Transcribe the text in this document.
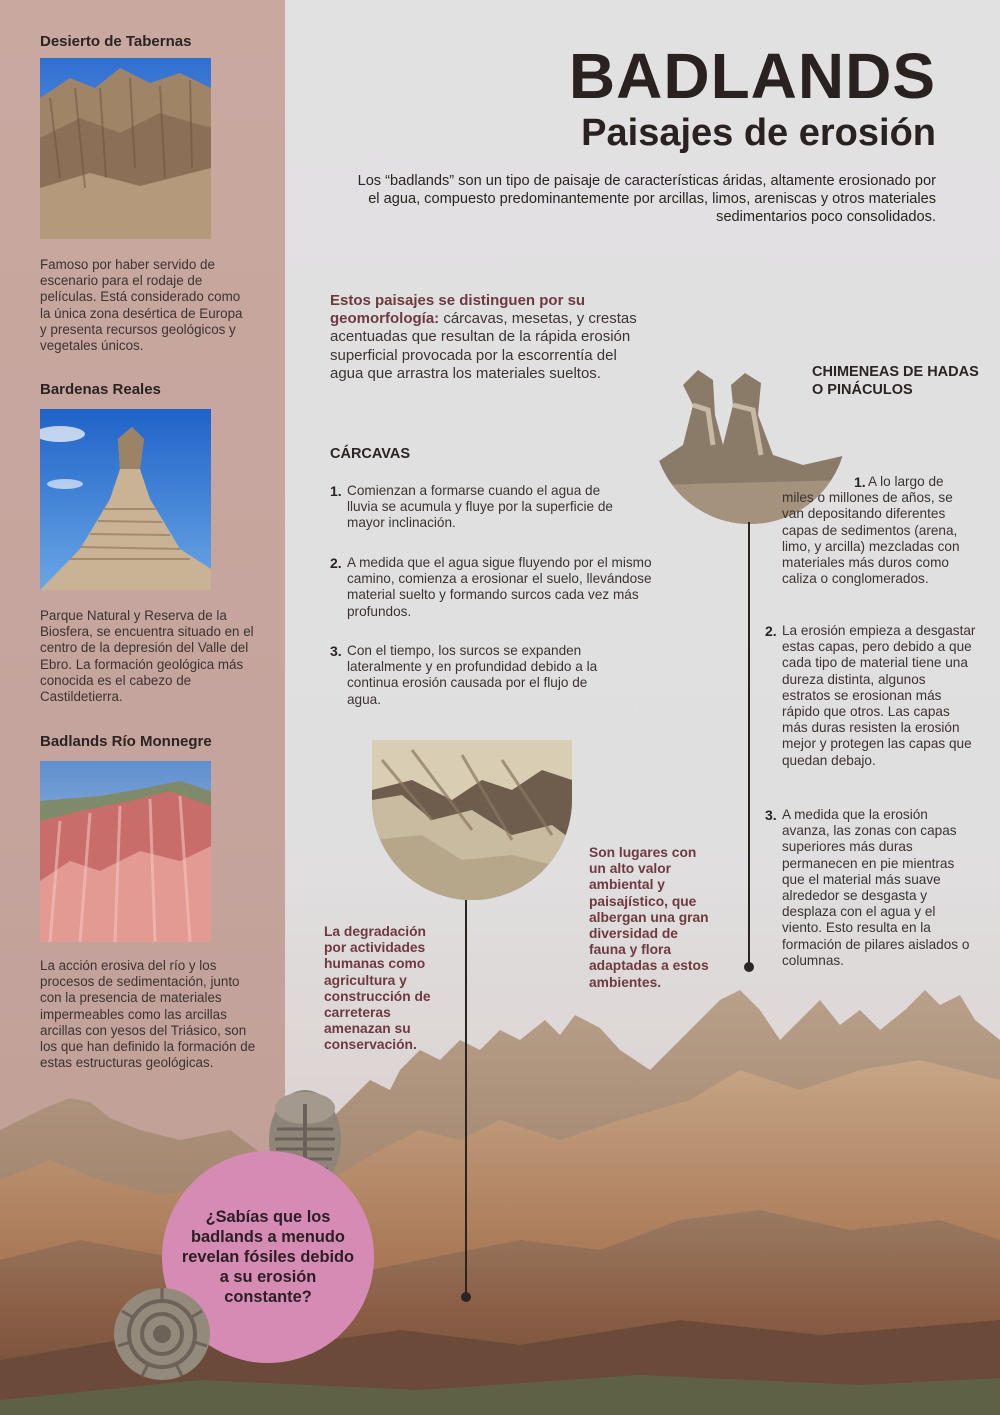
Desierto de Tabernas
Famoso por haber servido de escenario para el rodaje de películas. Está considerado como la única zona desértica de Europa y presenta recursos geológicos y vegetales únicos.
Bardenas Reales
Parque Natural y Reserva de la Biosfera, se encuentra situado en el centro de la depresión del Valle del Ebro. La formación geológica más conocida es el cabezo de Castildetierra.
Badlands Río Monnegre
La acción erosiva del río y los procesos de sedimentación, junto con la presencia de materiales impermeables como las arcillas arcillas con yesos del Triásico, son los que han definido la formación de estas estructuras geológicas.
BADLANDS
Paisajes de erosión
Los “badlands” son un tipo de paisaje de características áridas, altamente erosionado por el agua, compuesto predominantemente por arcillas, limos, areniscas y otros materiales sedimentarios poco consolidados.
Estos paisajes se distinguen por su geomorfología: cárcavas, mesetas, y crestas acentuadas que resultan de la rápida erosión superficial provocada por la escorrentía del agua que arrastra los materiales sueltos.
CÁRCAVAS
1. Comienzan a formarse cuando el agua de lluvia se acumula y fluye por la superficie de mayor inclinación.
2. A medida que el agua sigue fluyendo por el mismo camino, comienza a erosionar el suelo, llevándose material suelto y formando surcos cada vez más profundos.
3. Con el tiempo, los surcos se expanden lateralmente y en profundidad debido a la continua erosión causada por el flujo de agua.
CHIMENEAS DE HADAS O PINÁCULOS
1. A lo largo de miles o millones de años, se van depositando diferentes capas de sedimentos (arena, limo, y arcilla) mezcladas con materiales más duros como caliza o conglomerados.
2. La erosión empieza a desgastar estas capas, pero debido a que cada tipo de material tiene una dureza distinta, algunos estratos se erosionan más rápido que otros. Las capas más duras resisten la erosión mejor y protegen las capas que quedan debajo.
3. A medida que la erosión avanza, las zonas con capas superiores más duras permanecen en pie mientras que el material más suave alrededor se desgasta y desplaza con el agua y el viento. Esto resulta en la formación de pilares aislados o columnas.
La degradación por actividades humanas como agricultura y construcción de carreteras amenazan su conservación.
Son lugares con un alto valor ambiental y paisajístico, que albergan una gran diversidad de fauna y flora adaptadas a estos ambientes.
¿Sabías que los badlands a menudo revelan fósiles debido a su erosión constante?
